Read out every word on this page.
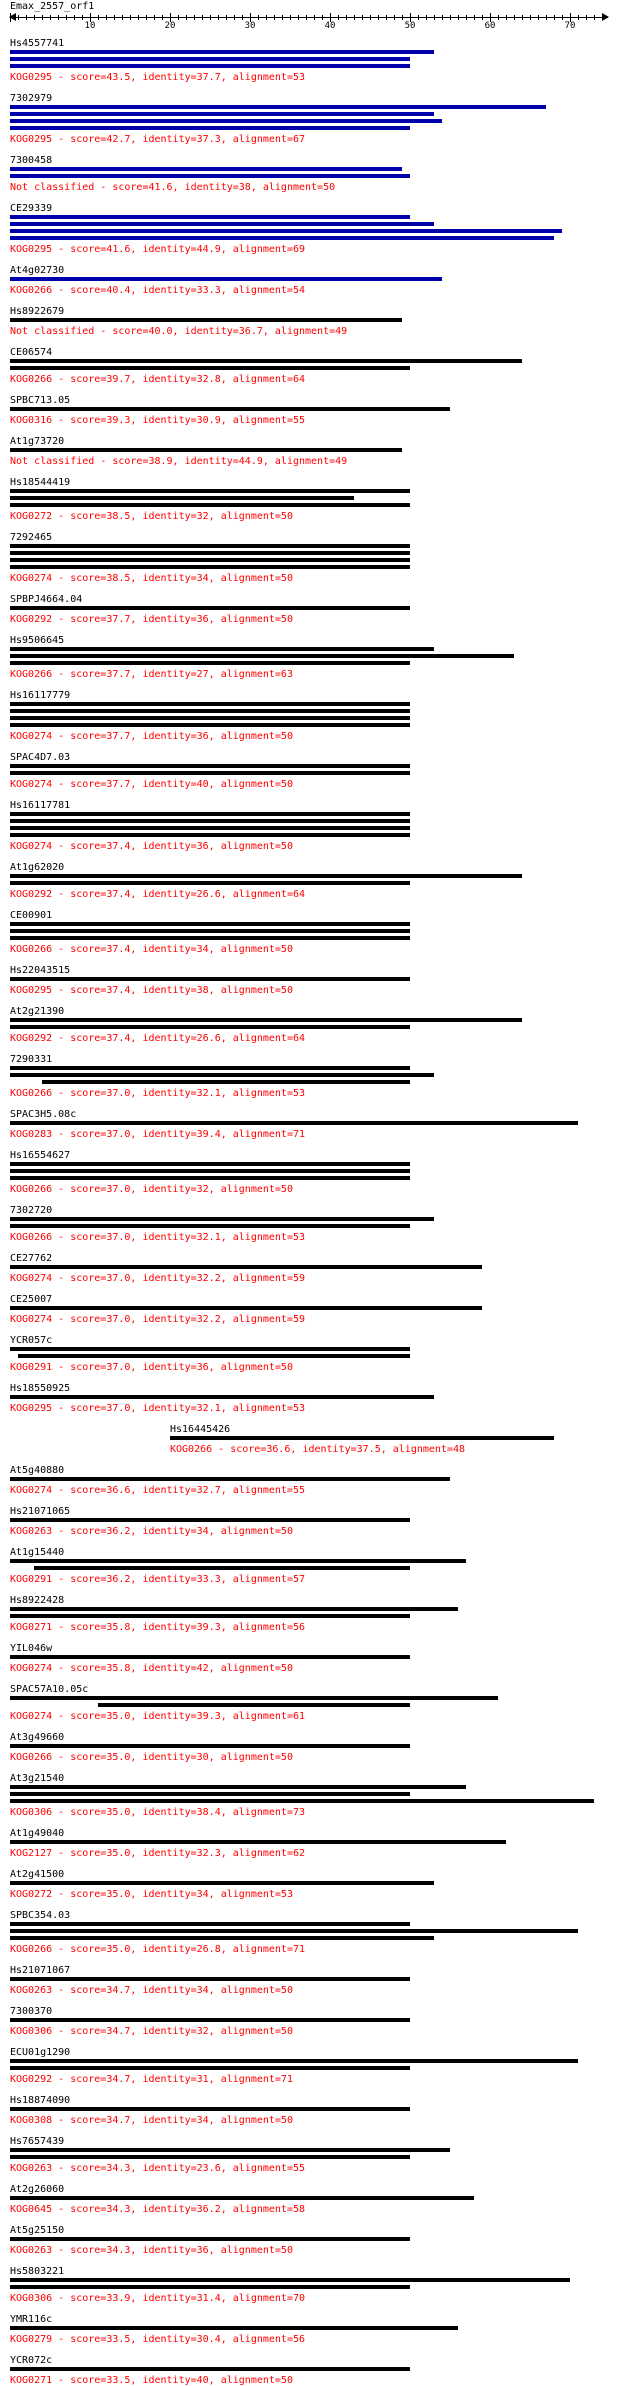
Emax_2557_orf1
10	20	30	40	50	60	70
Hs4557741
KOG0295 - score=43.5, identity=37.7, alignment=53
7302979
KOG0295 - score=42.7, identity=37.3, alignment=67
7300458
Not classified - score=41.6, identity=38, alignment=50
CE29339
KOG0295 - score=41.6, identity=44.9, alignment=69
At4g02730
KOG0266 - score=40.4, identity=33.3, alignment=54
Hs8922679
Not classified - score=40.0, identity=36.7, alignment=49
CE06574
KOG0266 - score=39.7, identity=32.8, alignment=64
SPBC713.05
KOG0316 - score=39.3, identity=30.9, alignment=55
At1g73720
Not classified - score=38.9, identity=44.9, alignment=49
Hs18544419
KOG0272 - score=38.5, identity=32, alignment=50
7292465
KOG0274 - score=38.5, identity=34, alignment=50
SPBPJ4664.04
KOG0292 - score=37.7, identity=36, alignment=50
Hs9506645
KOG0266 - score=37.7, identity=27, alignment=63
Hs16117779
KOG0274 - score=37.7, identity=36, alignment=50
SPAC4D7.03
KOG0274 - score=37.7, identity=40, alignment=50
Hs16117781
KOG0274 - score=37.4, identity=36, alignment=50
At1g62020
KOG0292 - score=37.4, identity=26.6, alignment=64
CE00901
KOG0266 - score=37.4, identity=34, alignment=50
Hs22043515
KOG0295 - score=37.4, identity=38, alignment=50
At2g21390
KOG0292 - score=37.4, identity=26.6, alignment=64
7290331
KOG0266 - score=37.0, identity=32.1, alignment=53
SPAC3H5.08c
KOG0283 - score=37.0, identity=39.4, alignment=71
Hs16554627
KOG0266 - score=37.0, identity=32, alignment=50
7302720
KOG0266 - score=37.0, identity=32.1, alignment=53
CE27762
KOG0274 - score=37.0, identity=32.2, alignment=59
CE25007
KOG0274 - score=37.0, identity=32.2, alignment=59
YCR057c
KOG0291 - score=37.0, identity=36, alignment=50
Hs18550925
KOG0295 - score=37.0, identity=32.1, alignment=53
Hs16445426
KOG0266 - score=36.6, identity=37.5, alignment=48
At5g40880
KOG0274 - score=36.6, identity=32.7, alignment=55
Hs21071065
KOG0263 - score=36.2, identity=34, alignment=50
At1g15440
KOG0291 - score=36.2, identity=33.3, alignment=57
Hs8922428
KOG0271 - score=35.8, identity=39.3, alignment=56
YIL046w
KOG0274 - score=35.8, identity=42, alignment=50
SPAC57A10.05c
KOG0274 - score=35.0, identity=39.3, alignment=61
At3g49660
KOG0266 - score=35.0, identity=30, alignment=50
At3g21540
KOG0306 - score=35.0, identity=38.4, alignment=73
At1g49040
KOG2127 - score=35.0, identity=32.3, alignment=62
At2g41500
KOG0272 - score=35.0, identity=34, alignment=53
SPBC354.03
KOG0266 - score=35.0, identity=26.8, alignment=71
Hs21071067
KOG0263 - score=34.7, identity=34, alignment=50
7300370
KOG0306 - score=34.7, identity=32, alignment=50
ECU01g1290
KOG0292 - score=34.7, identity=31, alignment=71
Hs18874090
KOG0308 - score=34.7, identity=34, alignment=50
Hs7657439
KOG0263 - score=34.3, identity=23.6, alignment=55
At2g26060
KOG0645 - score=34.3, identity=36.2, alignment=58
At5g25150
KOG0263 - score=34.3, identity=36, alignment=50
Hs5803221
KOG0306 - score=33.9, identity=31.4, alignment=70
YMR116c
KOG0279 - score=33.5, identity=30.4, alignment=56
YCR072c
KOG0271 - score=33.5, identity=40, alignment=50
